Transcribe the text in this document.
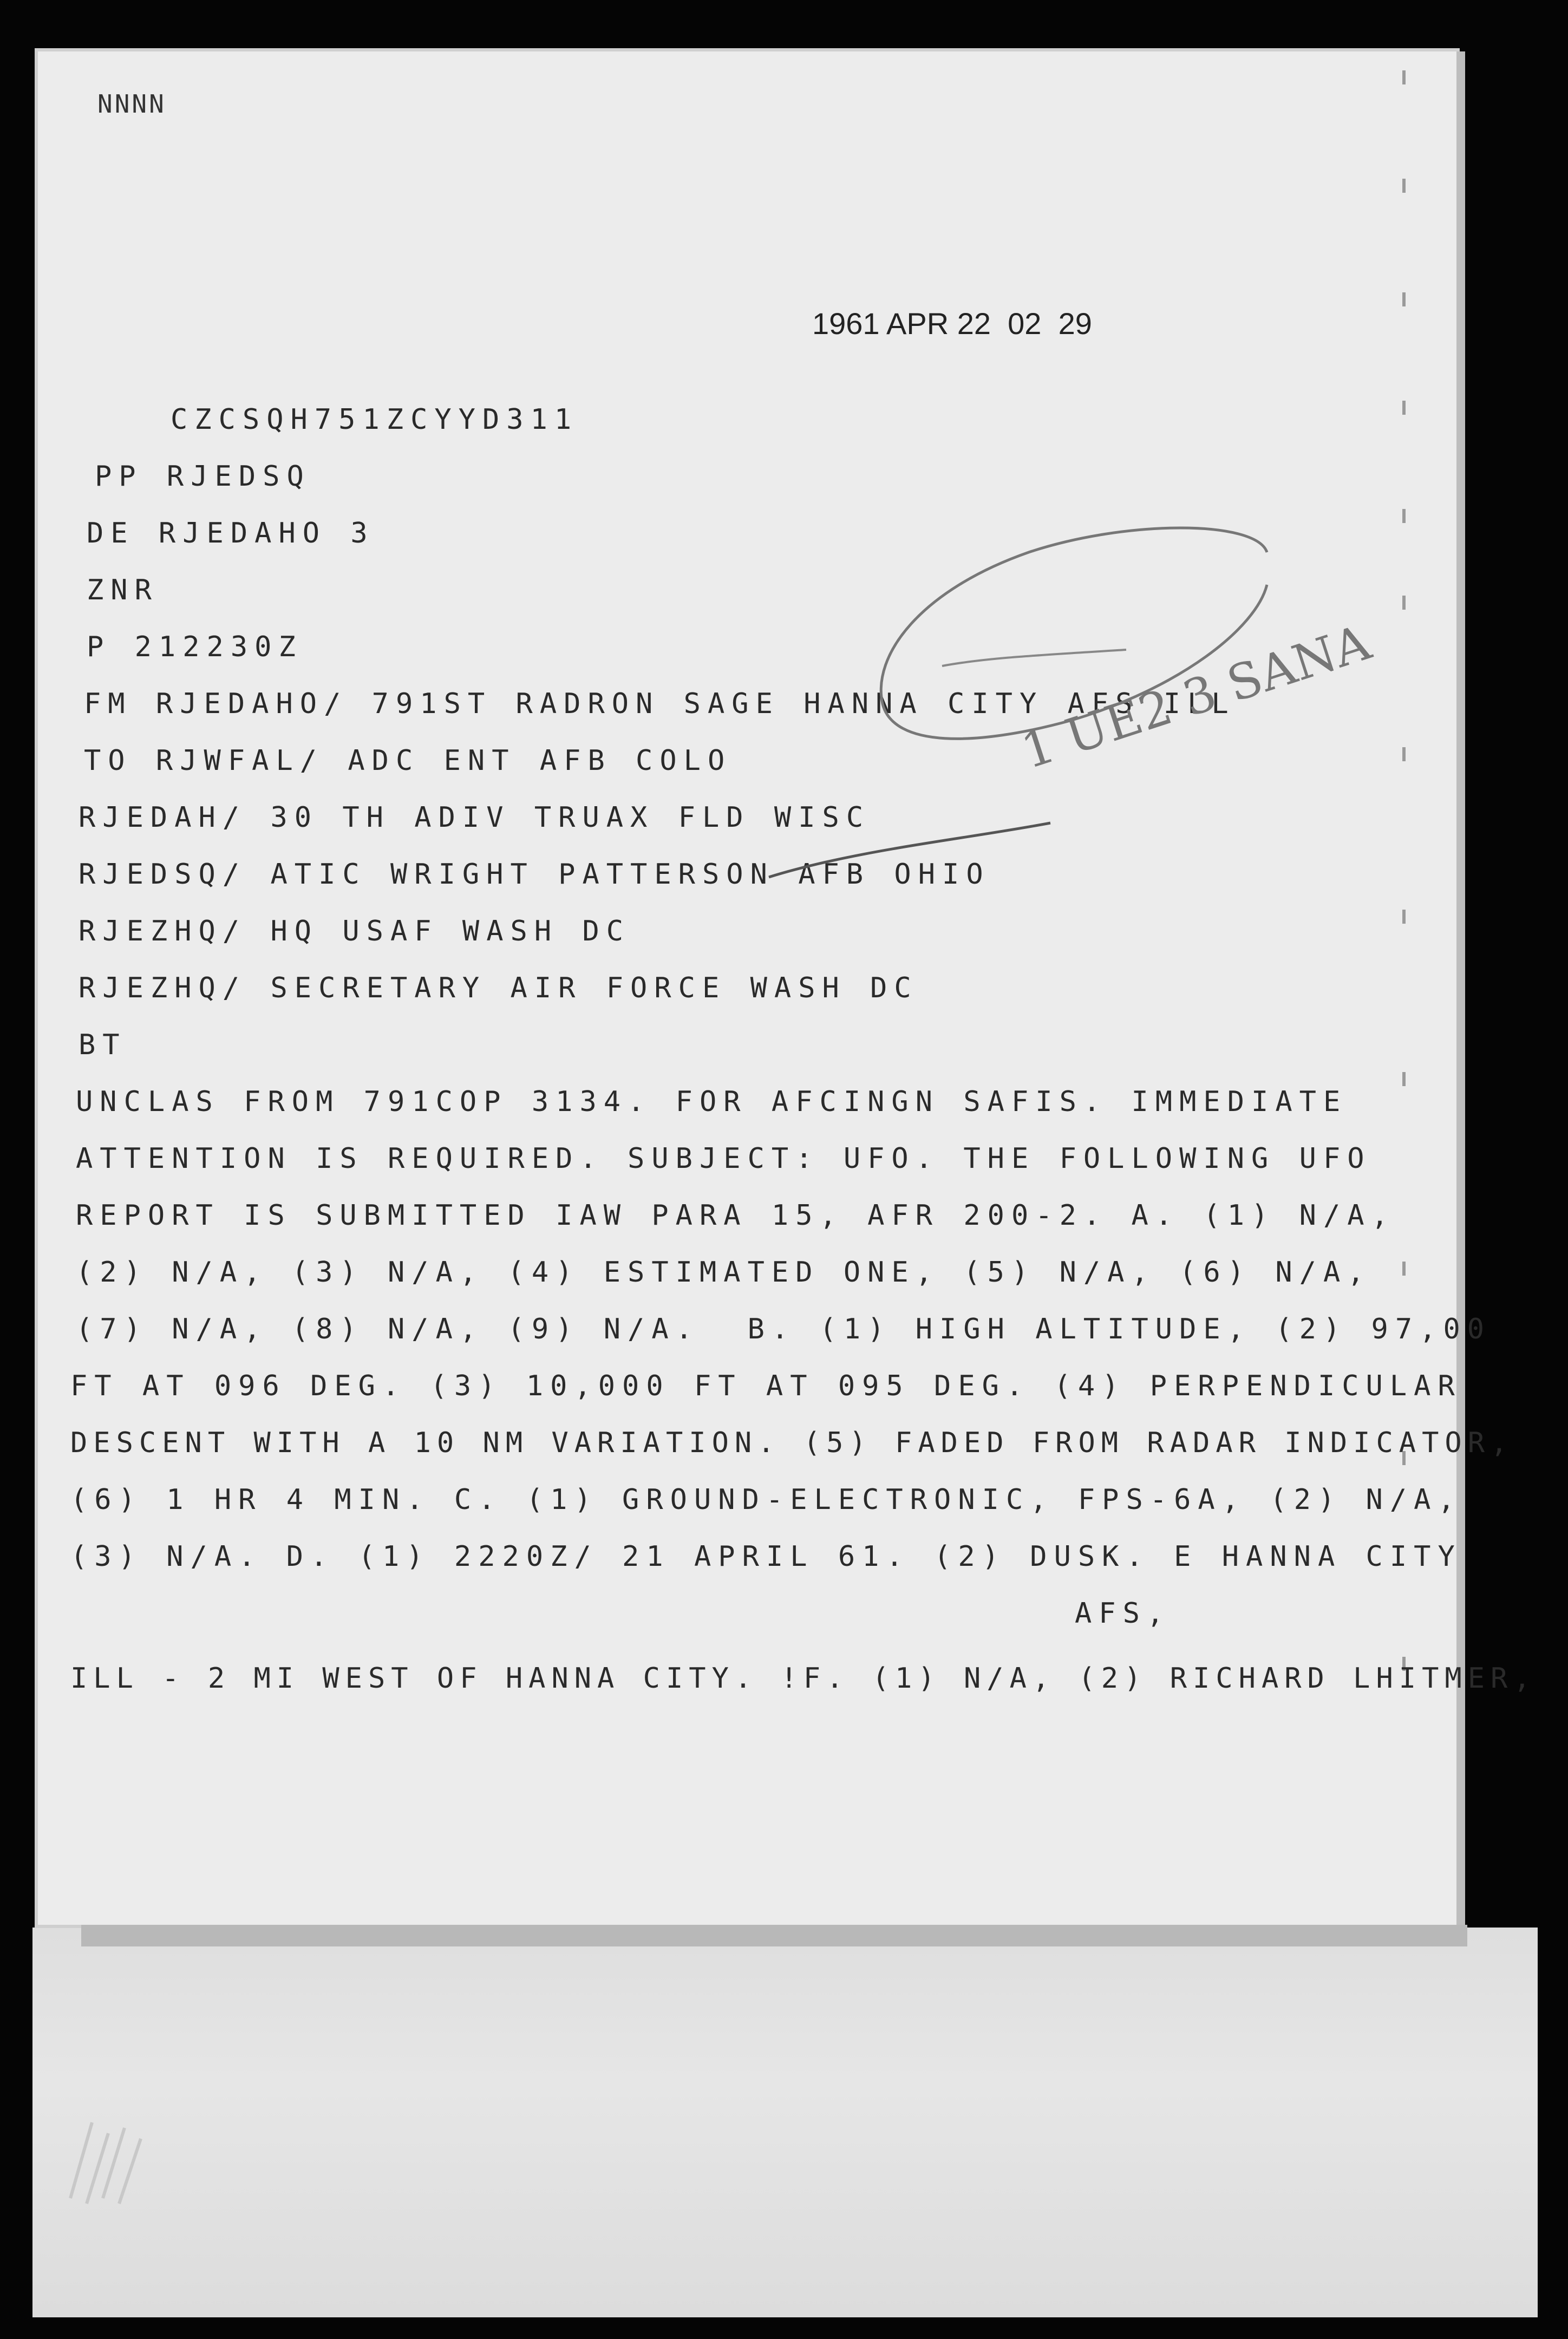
NNNN
1961 APR 22  02  29
CZCSQH751ZCYYD311
PP RJEDSQ
DE RJEDAHO 3
ZNR
P 212230Z
FM RJEDAHO/ 791ST RADRON SAGE HANNA CITY AFS ILL
TO RJWFAL/ ADC ENT AFB COLO
RJEDAH/ 30 TH ADIV TRUAX FLD WISC
RJEDSQ/ ATIC WRIGHT PATTERSON AFB OHIO
RJEZHQ/ HQ USAF WASH DC
RJEZHQ/ SECRETARY AIR FORCE WASH DC
BT
UNCLAS FROM 791COP 3134. FOR AFCINGN SAFIS. IMMEDIATE
ATTENTION IS REQUIRED. SUBJECT: UFO. THE FOLLOWING UFO
REPORT IS SUBMITTED IAW PARA 15, AFR 200-2. A. (1) N/A,
(2) N/A, (3) N/A, (4) ESTIMATED ONE, (5) N/A, (6) N/A,
(7) N/A, (8) N/A, (9) N/A.  B. (1) HIGH ALTITUDE, (2) 97,00
FT AT 096 DEG. (3) 10,000 FT AT 095 DEG. (4) PERPENDICULAR
DESCENT WITH A 10 NM VARIATION. (5) FADED FROM RADAR INDICATOR,
(6) 1 HR 4 MIN. C. (1) GROUND-ELECTRONIC, FPS-6A, (2) N/A,
(3) N/A. D. (1) 2220Z/ 21 APRIL 61. (2) DUSK. E HANNA CITY
AFS,
ILL - 2 MI WEST OF HANNA CITY. !F. (1) N/A, (2) RICHARD LHITMER,
1 UE2 3 SANA
